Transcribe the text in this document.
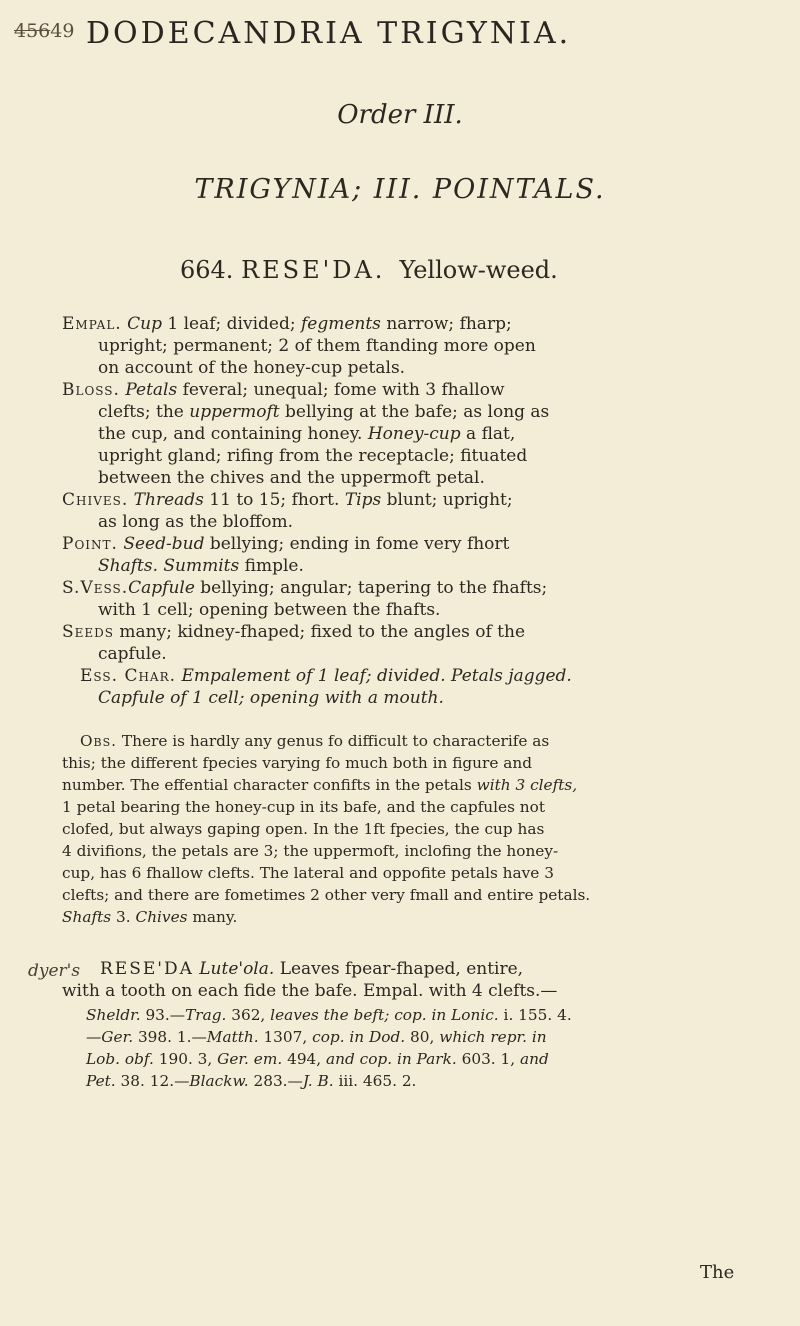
45649 DODECANDRIA TRIGYNIA.
Order III.
TRIGYNIA; III. POINTALS.
664. RESE'DA. Yellow-weed.
Empal. Cup 1 leaf; divided; fegments narrow; fharp;
upright; permanent; 2 of them ftanding more open
on account of the honey-cup petals.
Bloss. Petals feveral; unequal; fome with 3 fhallow
clefts; the uppermoft bellying at the bafe; as long as
the cup, and containing honey. Honey-cup a flat,
upright gland; rifing from the receptacle; fituated
between the chives and the uppermoft petal.
Chives. Threads 11 to 15; fhort. Tips blunt; upright;
as long as the bloffom.
Point. Seed-bud bellying; ending in fome very fhort
Shafts. Summits fimple.
S.Vess.Capfule bellying; angular; tapering to the fhafts;
with 1 cell; opening between the fhafts.
Seeds many; kidney-fhaped; fixed to the angles of the
capfule.
Ess. Char. Empalement of 1 leaf; divided. Petals jagged.
Capfule of 1 cell; opening with a mouth.
Obs. There is hardly any genus fo difficult to characterife as
this; the different fpecies varying fo much both in figure and
number. The effential character confifts in the petals with 3 clefts,
1 petal bearing the honey-cup in its bafe, and the capfules not
clofed, but always gaping open. In the 1ft fpecies, the cup has
4 divifions, the petals are 3; the uppermoft, inclofing the honey-
cup, has 6 fhallow clefts. The lateral and oppofite petals have 3
clefts; and there are fometimes 2 other very fmall and entire petals.
Shafts 3. Chives many.
dyer's RESE'DA Lute'ola. Leaves fpear-fhaped, entire,
with a tooth on each fide the bafe. Empal. with 4 clefts.—
Sheldr. 93.—Trag. 362, leaves the beft; cop. in Lonic. i. 155. 4.
—Ger. 398. 1.—Matth. 1307, cop. in Dod. 80, which repr. in
Lob. obf. 190. 3, Ger. em. 494, and cop. in Park. 603. 1, and
Pet. 38. 12.—Blackw. 283.—J. B. iii. 465. 2.
The
